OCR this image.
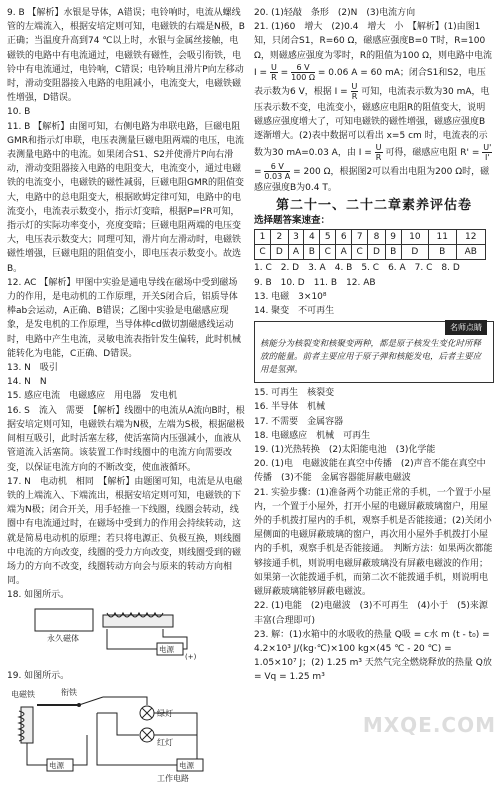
9. B 【解析】水银是导体，A错误；电铃响时，电流从螺线管的左端流入，根据安培定则可知，电磁铁的右端是N极，B正确；当温度升高到74 ℃以上时，水银与金属丝接触，电磁铁的电路中有电流通过，电磁铁有磁性，会吸引衔铁，电铃中有电流通过，电铃响，C错误；电铃响且滑片P向左移动时，滑动变阻器接入电路的电阻减小，电流变大，电磁铁磁性增强，D错误。

10. B

11. B 【解析】由图可知，右侧电路为串联电路，巨磁电阻GMR和指示灯串联，电压表测量巨磁电阻两端的电压，电流表测量电路中的电流。如果闭合S1、S2并使滑片P向右滑动，滑动变阻器接入电路的电阻变大，电流变小，通过电磁铁的电流变小，电磁铁的磁性减弱，巨磁电阻GMR的阻值变大，电路中的总电阻变大，根据欧姆定律可知，电路中的电流变小，电流表示数变小，指示灯变暗，根据P=I²R可知，指示灯的实际功率变小，亮度变暗；巨磁电阻两端的电压变大，电压表示数变大；同理可知，滑片向左滑动时，电磁铁磁性增强，巨磁电阻的阻值变小，即电压表示数变小。故选B。

12. AC 【解析】甲图中实验是通电导线在磁场中受到磁场力的作用，是电动机的工作原理，开关S闭合后，铝质导体棒ab会运动，A正确、B错误；乙图中实验是电磁感应现象，是发电机的工作原理，当导体棒cd做切割磁感线运动时，电路中产生电流，灵敏电流表指针发生偏转，此时机械能转化为电能，C正确、D错误。

13. N　吸引

14. N　N

15. 感应电流　电磁感应　用电器　发电机

16. S　流入　需要　【解析】线圈中的电流从A流向B时，根据安培定则可知，电磁铁右端为N极，左端为S极，根据磁极间相互吸引，此时活塞左移，使活塞筒内压强减小，血液从管道流入活塞筒。该装置工作时线圈中的电流方向需要改变，以保证电流方向的不断改变，使血液循环。

17. N　电动机　相同　【解析】由题图可知，电流是从电磁铁的上端流入、下端流出，根据安培定则可知，电磁铁的下端为N极；闭合开关，用手轻推一下线圈，线圈会转动，线圈中有电流通过时，在磁场中受到力的作用会持续转动，这就是简易电动机的原理；若只将电源正、负极互换，则线圈中电流的方向改变，线圈的受力方向改变，则线圈受到的磁场力的方向不改变，线圈转动方向会与原来的转动方向相同。

18. 如图所示。

永久磁体
电源
(+)

19. 如图所示。

电磁铁	衔铁
电源
绿灯
红灯
电源
工作电路

20. (1)轻敲　条形　(2)N　(3)电流方向

21. (1)60　增大　(2)0.4　增大　小　【解析】(1)由图1知，只闭合S1，R=60 Ω，磁感应强度B=0 T时，R=100 Ω，则磁感应强度为零时，R的阻值为100 Ω，则电路中电流 $I = \frac{U}{R} = \frac{6 V}{100 \Omega} = 0.06$ A = 60 mA；闭合S1和S2，电压表示数为6 V，根据 $I = \frac{U}{R}$ 可知，电流表示数为30 mA，电压表示数不变，电流变小，磁感应电阻R的阻值变大，说明磁感应强度增大了，可知电磁铁的磁性增强，磁感应强度B逐渐增大。(2)表中数据可以看出 x=5 cm 时，电流表的示数为30 mA=0.03 A，由 $I = \frac{U}{R}$ 可得，磁感应电阻 $R' = \frac{U'}{I'}$
= $\frac{6 V}{0.03 A} = 200$ Ω，根据图2可以看出电阻为200 Ω时，磁感应强度B为0.4 T。

第二十一、二十二章素养评估卷
选择题答案速查：
1	2	3	4	5	6	7	8	9	10	11	12
C	D	A	B	C	A	C	D	B	D	B	AB

1. C　2. D　3. A　4. B　5. C　6. A　7. C　8. D

9. B　10. D　11. B　12. AB

13. 电磁　3×10⁸

14. 聚变　不可再生

名师点睛
核能分为核裂变和核聚变两种，都是原子核发生变化时所释放的能量。前者主要应用于原子弹和核能发电，后者主要应用是氢弹。

15. 可再生　核裂变

16. 半导体　机械

17. 不需要　金属容器

18. 电磁感应　机械　可再生

19. (1)光热转换　(2)太阳能电池　(3)化学能

20. (1)电　电磁波能在真空中传播　(2)声音不能在真空中传播　(3)不能　金属容器能屏蔽电磁波

21. 实验步骤：(1)准备两个功能正常的手机，一个置于小屋内，一个置于小屋外，打开小屋的电磁屏蔽玻璃窗户，用屋外的手机拨打屋内的手机，观察手机是否能接通；(2)关闭小屋侧面的电磁屏蔽玻璃的窗户，再次用小屋外手机拨打小屋内的手机，观察手机是否能接通。　判断方法：如果两次都能够接通手机，则说明电磁屏蔽玻璃没有屏蔽电磁波的作用；如果第一次能拨通手机，而第二次不能拨通手机，则说明电磁屏蔽玻璃能够屏蔽电磁波。

22. (1)电能　(2)电磁波　(3)不可再生　(4)小于　(5)来源丰富(合理即可)

23. 解：(1)水箱中的水吸收的热量 Q吸 = c水 m (t - t₀) = 4.2×10³ J/(kg·℃)×100 kg×(45 ℃ - 20 ℃) = 1.05×10⁷ J；(2) 1.25 m³ 天然气完全燃烧释放的热量 Q放 = Vq = 1.25 m³

MXQE.COM
